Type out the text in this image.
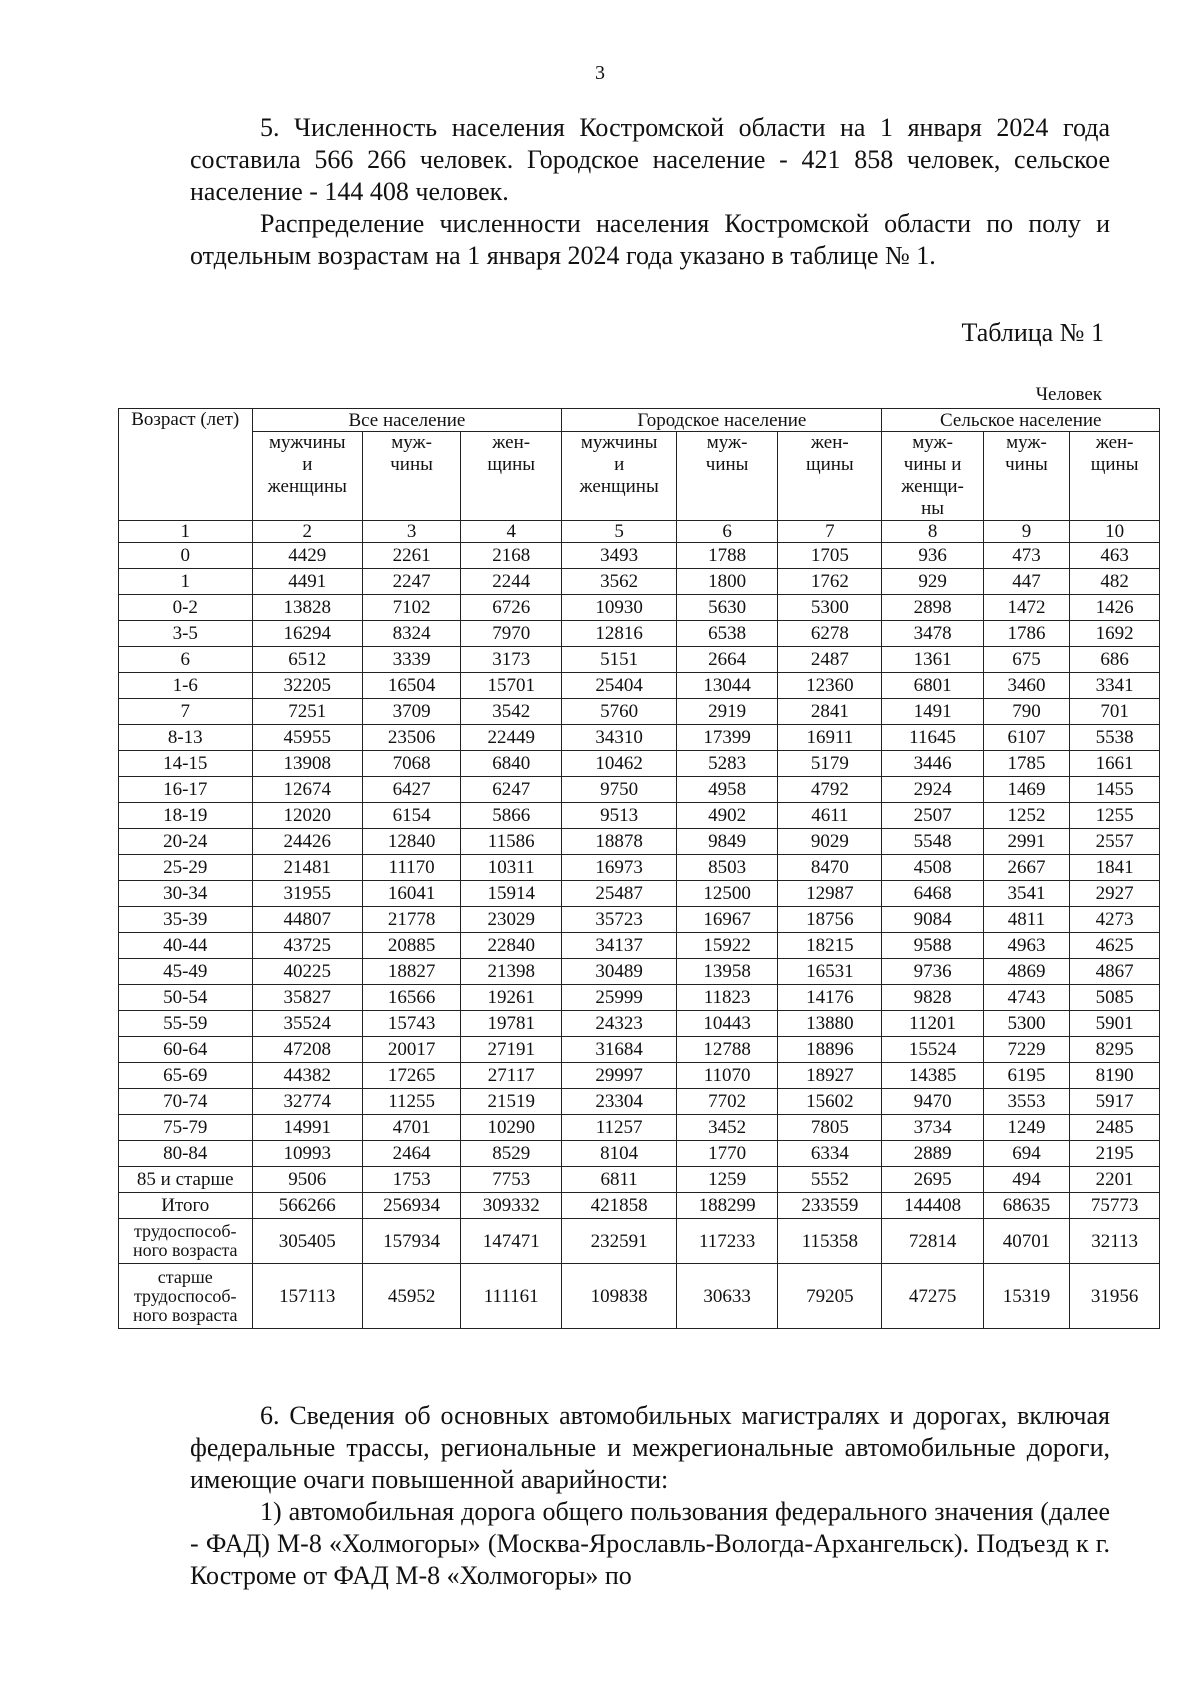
3

5. Численность населения Костромской области на 1 января 2024 года составила 566 266 человек. Городское население - 421 858 человек, сельское население - 144 408 человек.

Распределение численности населения Костромской области по полу и отдельным возрастам на 1 января 2024 года указано в таблице № 1.

Таблица № 1
Человек
Возраст (лет)	Все население			Городское население			Сельское население		
	мужчины
и
женщины	муж-
чины	жен-
щины	мужчины
и
женщины	муж-
чины	жен-
щины	муж-
чины и
женщи-
ны	муж-
чины	жен-
щины
1	2	3	4	5	6	7	8	9	10
0	4429	2261	2168	3493	1788	1705	936	473	463
1	4491	2247	2244	3562	1800	1762	929	447	482
0-2	13828	7102	6726	10930	5630	5300	2898	1472	1426
3-5	16294	8324	7970	12816	6538	6278	3478	1786	1692
6	6512	3339	3173	5151	2664	2487	1361	675	686
1-6	32205	16504	15701	25404	13044	12360	6801	3460	3341
7	7251	3709	3542	5760	2919	2841	1491	790	701
8-13	45955	23506	22449	34310	17399	16911	11645	6107	5538
14-15	13908	7068	6840	10462	5283	5179	3446	1785	1661
16-17	12674	6427	6247	9750	4958	4792	2924	1469	1455
18-19	12020	6154	5866	9513	4902	4611	2507	1252	1255
20-24	24426	12840	11586	18878	9849	9029	5548	2991	2557
25-29	21481	11170	10311	16973	8503	8470	4508	2667	1841
30-34	31955	16041	15914	25487	12500	12987	6468	3541	2927
35-39	44807	21778	23029	35723	16967	18756	9084	4811	4273
40-44	43725	20885	22840	34137	15922	18215	9588	4963	4625
45-49	40225	18827	21398	30489	13958	16531	9736	4869	4867
50-54	35827	16566	19261	25999	11823	14176	9828	4743	5085
55-59	35524	15743	19781	24323	10443	13880	11201	5300	5901
60-64	47208	20017	27191	31684	12788	18896	15524	7229	8295
65-69	44382	17265	27117	29997	11070	18927	14385	6195	8190
70-74	32774	11255	21519	23304	7702	15602	9470	3553	5917
75-79	14991	4701	10290	11257	3452	7805	3734	1249	2485
80-84	10993	2464	8529	8104	1770	6334	2889	694	2195
85 и старше	9506	1753	7753	6811	1259	5552	2695	494	2201
Итого	566266	256934	309332	421858	188299	233559	144408	68635	75773
трудоспособ-
ного возраста	305405	157934	147471	232591	117233	115358	72814	40701	32113
старше
трудоспособ-
ного возраста	157113	45952	111161	109838	30633	79205	47275	15319	31956

6. Сведения об основных автомобильных магистралях и дорогах, включая федеральные трассы, региональные и межрегиональные автомобильные дороги, имеющие очаги повышенной аварийности:

1) автомобильная дорога общего пользования федерального значения (далее - ФАД) М-8 «Холмогоры» (Москва-Ярославль-Вологда-Архангельск). Подъезд к г. Костроме от ФАД М-8 «Холмогоры» по
